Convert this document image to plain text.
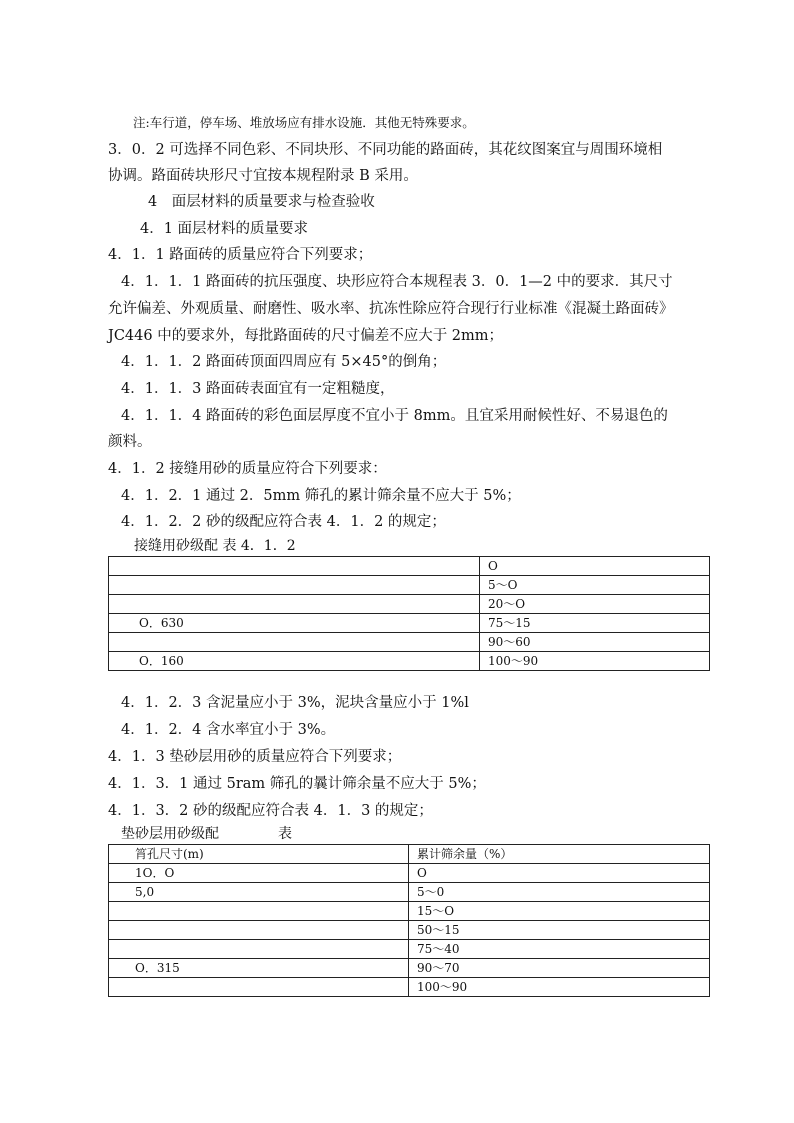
注:车行道，停车场、堆放场应有排水设施．其他无特殊要求。
3．0．2 可选择不同色彩、不同块形、不同功能的路面砖，其花纹图案宜与周围环境相
协调。路面砖块形尺寸宜按本规程附录 B 采用。
4　面层材料的质量要求与检查验收
4．1 面层材料的质量要求
4．1．1 路面砖的质量应符合下列要求；
4．1．1．1 路面砖的抗压强度、块形应符合本规程表 3．0．1—2 中的要求．其尺寸
允许偏差、外观质量、耐磨性、吸水率、抗冻性除应符合现行行业标准《混凝土路面砖》
JC446 中的要求外，每批路面砖的尺寸偏差不应大于 2mm；
4．1．1．2 路面砖顶面四周应有 5×45°的倒角；
4．1．1．3 路面砖表面宜有一定粗糙度，
4．1．1．4 路面砖的彩色面层厚度不宜小于 8mm。且宜采用耐候性好、不易退色的
颜料。
4．1．2 接缝用砂的质量应符合下列要求：
4．1．2．1 通过 2．5mm 筛孔的累计筛余量不应大于 5%；
4．1．2．2 砂的级配应符合表 4．1．2 的规定；
接缝用砂级配 表 4．1．2
	O
	5～O
	20～O
O．630	75～15
	90～60
O．160	100～90
4．1．2．3 含泥量应小于 3%，泥块含量应小于 1%l
4．1．2．4 含水率宜小于 3%。
4．1．3 垫砂层用砂的质量应符合下列要求；
4．1．3．1 通过 5ram 筛孔的曩计筛余量不应大于 5%；
4．1．3．2 砂的级配应符合表 4．1．3 的规定；
垫砂层用砂级配	表
筲孔尺寸(m)	累计筛余量（%）
1O．O	O
5,0	5～0
	15～O
	50～15
	75～40
O．315	90～70
	100～90
